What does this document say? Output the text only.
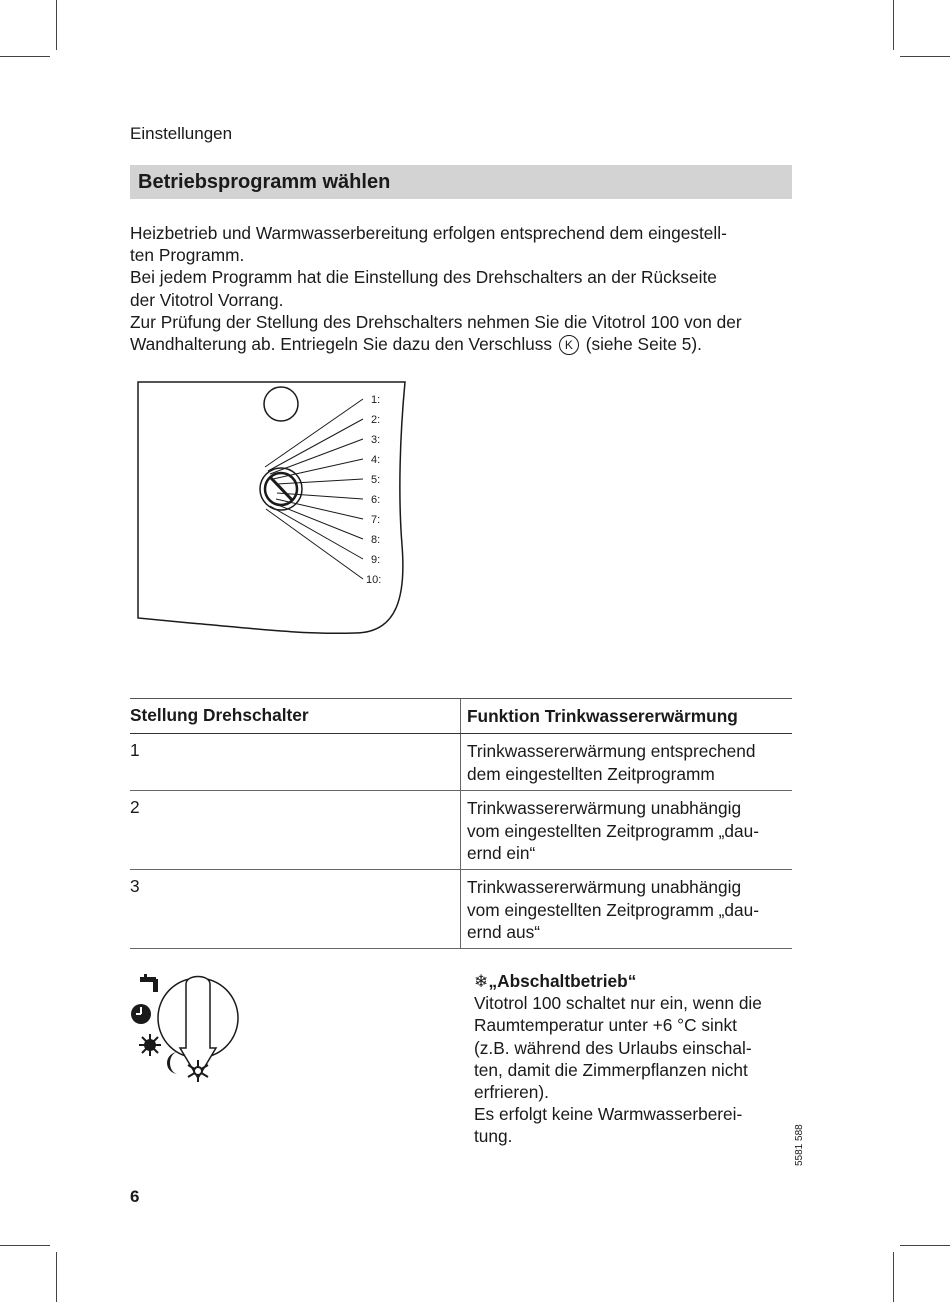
Einstellungen
Betriebsprogramm wählen
Heizbetrieb und Warmwasserbereitung erfolgen entsprechend dem eingestell-
ten Programm.
Bei jedem Programm hat die Einstellung des Drehschalters an der Rückseite
der Vitotrol Vorrang.
Zur Prüfung der Stellung des Drehschalters nehmen Sie die Vitotrol 100 von der
Wandhalterung ab. Entriegeln Sie dazu den Verschluss K (siehe Seite 5).
1:
2:
3:
4:
5:
6:
7:
8:
9:
10:
Stellung Drehschalter	Funktion Trinkwassererwärmung
1	Trinkwassererwärmung entsprechend
dem eingestellten Zeitprogramm
2	Trinkwassererwärmung unabhängig
vom eingestellten Zeitprogramm „dau-
ernd ein“
3	Trinkwassererwärmung unabhängig
vom eingestellten Zeitprogramm „dau-
ernd aus“
❄„Abschaltbetrieb“
Vitotrol 100 schaltet nur ein, wenn die
Raumtemperatur unter +6 °C sinkt
(z.B. während des Urlaubs einschal-
ten, damit die Zimmerpflanzen nicht
erfrieren).
Es erfolgt keine Warmwasserberei-
tung.	5581 588
6
